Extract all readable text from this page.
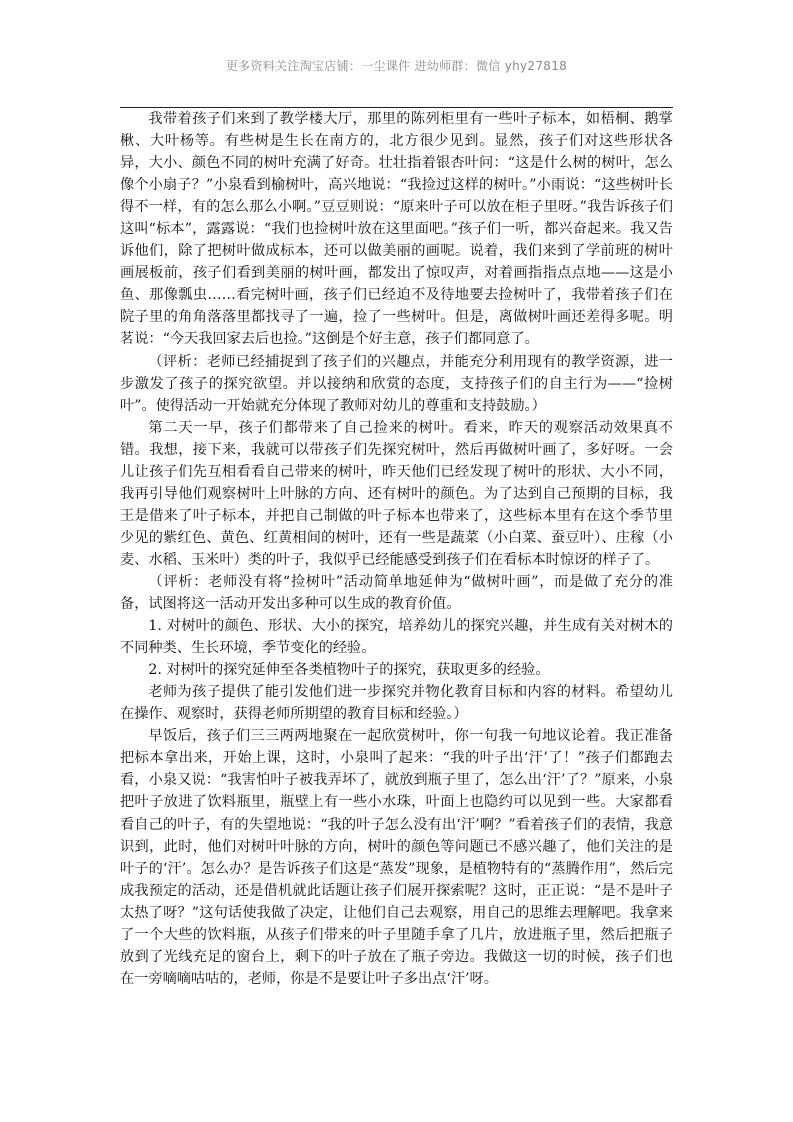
更多资料关注淘宝店铺：一尘课件 进幼师群：微信 yhy27818

我带着孩子们来到了教学楼大厅，那里的陈列柜里有一些叶子标本，如梧桐、鹅掌楸、大叶杨等。有些树是生长在南方的，北方很少见到。显然，孩子们对这些形状各异，大小、颜色不同的树叶充满了好奇。壮壮指着银杏叶问：“这是什么树的树叶，怎么像个小扇子？”小泉看到榆树叶，高兴地说：“我捡过这样的树叶。”小雨说：“这些树叶长得不一样，有的怎么那么小啊。”豆豆则说：“原来叶子可以放在柜子里呀。”我告诉孩子们这叫“标本”，露露说：“我们也捡树叶放在这里面吧。”孩子们一听，都兴奋起来。我又告诉他们，除了把树叶做成标本，还可以做美丽的画呢。说着，我们来到了学前班的树叶画展板前，孩子们看到美丽的树叶画，都发出了惊叹声，对着画指指点点地——这是小鱼、那像瓢虫……看完树叶画，孩子们已经迫不及待地要去捡树叶了，我带着孩子们在院子里的角角落落里都找寻了一遍，捡了一些树叶。但是，离做树叶画还差得多呢。明茗说：“今天我回家去后也捡。”这倒是个好主意，孩子们都同意了。

（评析：老师已经捕捉到了孩子们的兴趣点，并能充分利用现有的教学资源，进一步激发了孩子的探究欲望。并以接纳和欣赏的态度，支持孩子们的自主行为——“捡树叶”。使得活动一开始就充分体现了教师对幼儿的尊重和支持鼓励。）

第二天一早，孩子们都带来了自己捡来的树叶。看来，昨天的观察活动效果真不错。我想，接下来，我就可以带孩子们先探究树叶，然后再做树叶画了，多好呀。一会儿让孩子们先互相看看自己带来的树叶，昨天他们已经发现了树叶的形状、大小不同，我再引导他们观察树叶上叶脉的方向、还有树叶的颜色。为了达到自己预期的目标，我王是借来了叶子标本，并把自己制做的叶子标本也带来了，这些标本里有在这个季节里少见的紫红色、黄色、红黄相间的树叶，还有一些是蔬菜（小白菜、蚕豆叶）、庄稼（小麦、水稻、玉米叶）类的叶子，我似乎已经能感受到孩子们在看标本时惊讶的样子了。

（评析：老师没有将“捡树叶”活动简单地延伸为“做树叶画”，而是做了充分的准备，试图将这一活动开发出多种可以生成的教育价值。

1. 对树叶的颜色、形状、大小的探究，培养幼儿的探究兴趣，并生成有关对树木的不同种类、生长环境，季节变化的经验。

2. 对树叶的探究延伸至各类植物叶子的探究，获取更多的经验。

老师为孩子提供了能引发他们进一步探究并物化教育目标和内容的材料。希望幼儿在操作、观察时，获得老师所期望的教育目标和经验。）

早饭后，孩子们三三两两地聚在一起欣赏树叶，你一句我一句地议论着。我正准备把标本拿出来，开始上课，这时，小泉叫了起来：“我的叶子出‘汗’了！”孩子们都跑去看，小泉又说：“我害怕叶子被我弄坏了，就放到瓶子里了，怎么出‘汗’了？”原来，小泉把叶子放进了饮料瓶里，瓶壁上有一些小水珠，叶面上也隐约可以见到一些。大家都看看自己的叶子，有的失望地说：“我的叶子怎么没有出‘汗’啊？”看着孩子们的表情，我意识到，此时，他们对树叶叶脉的方向，树叶的颜色等问题已不感兴趣了，他们关注的是叶子的‘汗’。怎么办？是告诉孩子们这是“蒸发”现象，是植物特有的“蒸腾作用”，然后完成我预定的活动，还是借机就此话题让孩子们展开探索呢？这时，正正说：“是不是叶子太热了呀？”这句话使我做了决定，让他们自己去观察，用自己的思维去理解吧。我拿来了一个大些的饮料瓶，从孩子们带来的叶子里随手拿了几片，放进瓶子里，然后把瓶子放到了光线充足的窗台上，剩下的叶子放在了瓶子旁边。我做这一切的时候，孩子们也在一旁嘀嘀咕咕的，老师，你是不是要让叶子多出点‘汗’呀。
